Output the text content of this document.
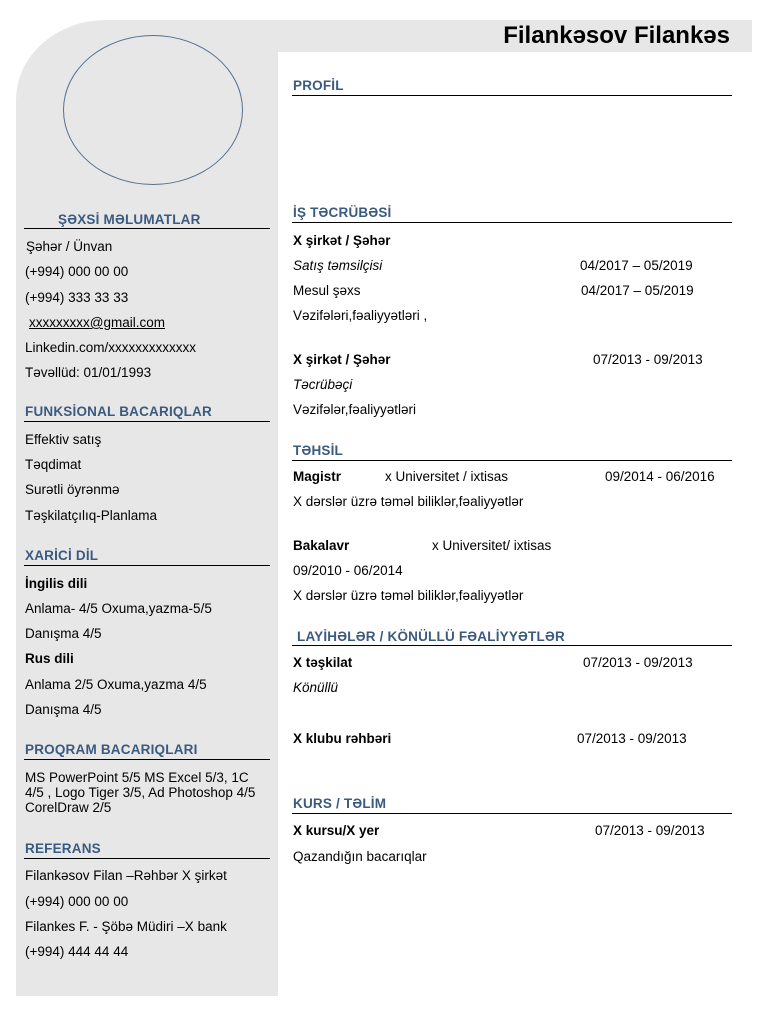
Filankəsov Filankəs
ŞƏXSİ MƏLUMATLAR
Şəhər / Ünvan
(+994) 000 00 00
(+994) 333 33 33
xxxxxxxxx@gmail.com
Linkedin.com/xxxxxxxxxxxxx
Təvəllüd: 01/01/1993
FUNKSİONAL BACARIQLAR
Effektiv satış
Təqdimat
Surətli öyrənmə
Təşkilatçılıq-Planlama
XARİCİ DİL
İngilis dili
Anlama- 4/5 Oxuma,yazma-5/5
Danışma 4/5
Rus dili
Anlama 2/5 Oxuma,yazma 4/5
Danışma 4/5
PROQRAM BACARIQLARI
MS PowerPoint 5/5 MS Excel 5/3, 1C 4/5 , Logo Tiger 3/5, Ad Photoshop 4/5 CorelDraw 2/5
REFERANS
Filankəsov Filan –Rəhbər X şirkət
(+994) 000 00 00
Filankes F. - Şöbə Müdiri –X bank
(+994) 444 44 44
PROFİL
İŞ TƏCRÜBƏSİ
X şirkət / Şəhər
Satış təmsilçisi	04/2017 – 05/2019
Mesul şəxs	04/2017 – 05/2019
Vəzifələri,fəaliyyətləri ,
X şirkət / Şəhər	07/2013 - 09/2013
Təcrübəçi
Vəzifələr,fəaliyyətləri
TƏHSİL
Magistr	x Universitet / ixtisas	09/2014 - 06/2016
X dərslər üzrə təməl biliklər,fəaliyyətlər
Bakalavr	x Universitet/ ixtisas
09/2010 - 06/2014
X dərslər üzrə təməl biliklər,fəaliyyətlər
LAYİHƏLƏR / KÖNÜLLÜ FƏALİYYƏTLƏR
X təşkilat	07/2013 - 09/2013
Könüllü
X klubu rəhbəri	07/2013 - 09/2013
KURS / TƏLİM
X kursu/X yer	07/2013 - 09/2013
Qazandığın bacarıqlar
